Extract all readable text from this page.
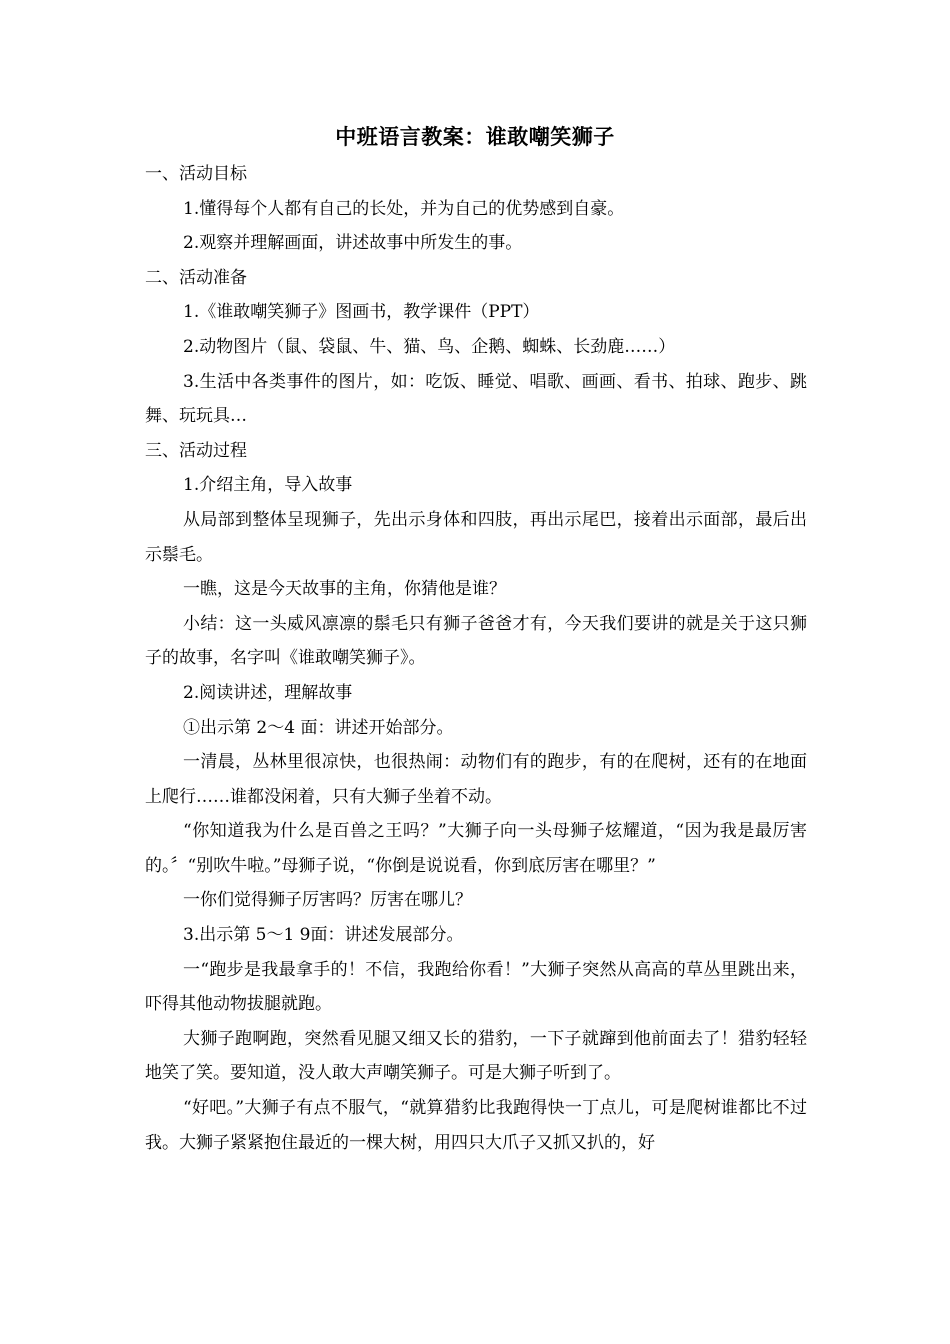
中班语言教案：谁敢嘲笑狮子

一、活动目标

1.懂得每个人都有自己的长处，并为自己的优势感到自豪。

2.观察并理解画面，讲述故事中所发生的事。

二、活动准备

1.《谁敢嘲笑狮子》图画书，教学课件（PPT）

2.动物图片（鼠、袋鼠、牛、猫、鸟、企鹅、蜘蛛、长劲鹿……）

3.生活中各类事件的图片，如：吃饭、睡觉、唱歌、画画、看书、拍球、跑步、跳舞、玩玩具…

三、活动过程

1.介绍主角，导入故事

从局部到整体呈现狮子，先出示身体和四肢，再出示尾巴，接着出示面部，最后出示鬃毛。

一瞧，这是今天故事的主角，你猜他是谁？

小结：这一头威风凛凛的鬃毛只有狮子爸爸才有，今天我们要讲的就是关于这只狮子的故事，名字叫《谁敢嘲笑狮子》。

2.阅读讲述，理解故事

①出示第 2～4 面：讲述开始部分。

一清晨，丛林里很凉快，也很热闹：动物们有的跑步，有的在爬树，还有的在地面上爬行……谁都没闲着，只有大狮子坐着不动。

“你知道我为什么是百兽之王吗？”大狮子向一头母狮子炫耀道，“因为我是最厉害的。〞“别吹牛啦。”母狮子说，“你倒是说说看，你到底厉害在哪里？”

一你们觉得狮子厉害吗？厉害在哪儿？

3.出示第 5～1 9面：讲述发展部分。

一“跑步是我最拿手的！不信，我跑给你看！”大狮子突然从高高的草丛里跳出来，吓得其他动物拔腿就跑。

大狮子跑啊跑，突然看见腿又细又长的猎豹，一下子就蹿到他前面去了！猎豹轻轻地笑了笑。要知道，没人敢大声嘲笑狮子。可是大狮子听到了。

“好吧。”大狮子有点不服气，“就算猎豹比我跑得快一丁点儿，可是爬树谁都比不过我。大狮子紧紧抱住最近的一棵大树，用四只大爪子又抓又扒的，好
